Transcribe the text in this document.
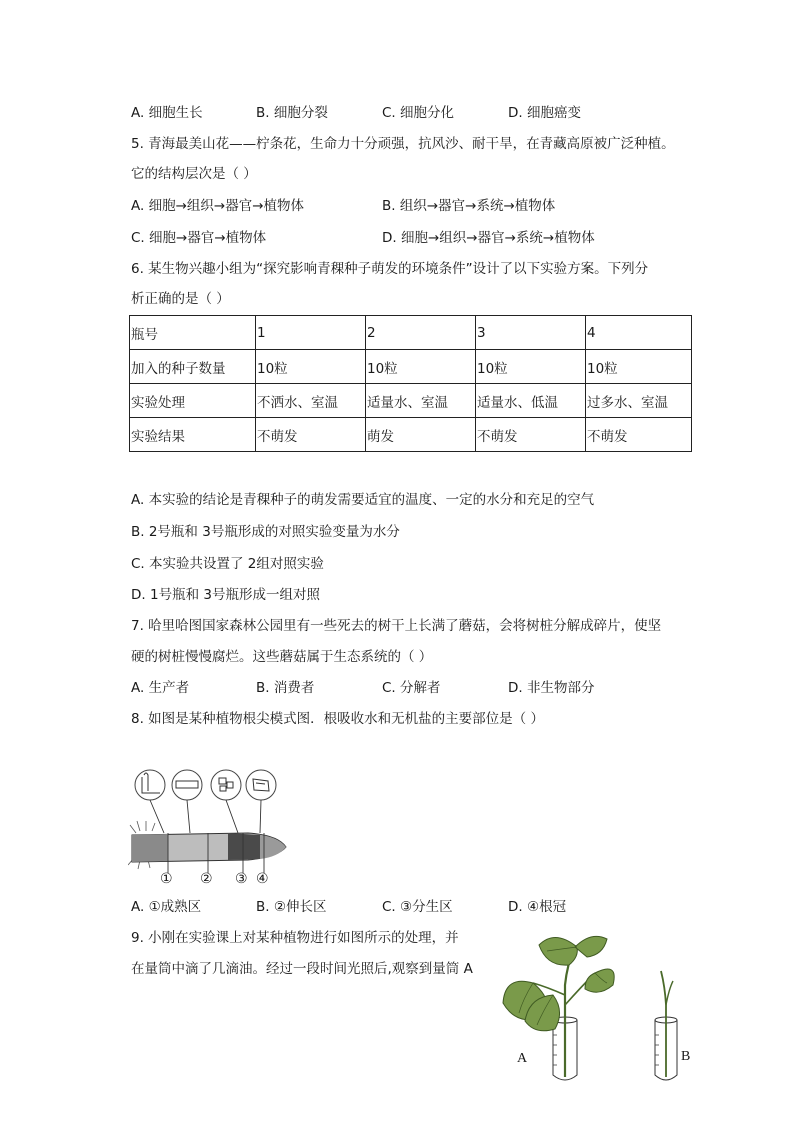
A. 细胞生长	B. 细胞分裂	C. 细胞分化	D. 细胞癌变
5. 青海最美山花——柠条花，生命力十分顽强，抗风沙、耐干旱，在青藏高原被广泛种植。
它的结构层次是（ ）
A. 细胞→组织→器官→植物体	B. 组织→器官→系统→植物体
C. 细胞→器官→植物体	D. 细胞→组织→器官→系统→植物体
6. 某生物兴趣小组为“探究影响青稞种子萌发的环境条件”设计了以下实验方案。下列分
析正确的是（ ）
瓶号	1	2	3	4
加入的种子数量	10粒	10粒	10粒	10粒
实验处理	不洒水、室温	适量水、室温	适量水、低温	过多水、室温
实验结果	不萌发	萌发	不萌发	不萌发
A. 本实验的结论是青稞种子的萌发需要适宜的温度、一定的水分和充足的空气
B. 2号瓶和 3号瓶形成的对照实验变量为水分
C. 本实验共设置了 2组对照实验
D. 1号瓶和 3号瓶形成一组对照
7. 哈里哈图国家森林公园里有一些死去的树干上长满了蘑菇，会将树桩分解成碎片，使坚
硬的树桩慢慢腐烂。这些蘑菇属于生态系统的（ ）
A. 生产者	B. 消费者	C. 分解者	D. 非生物部分
8. 如图是某种植物根尖模式图．根吸收水和无机盐的主要部位是（ ）
① ② ③ ④
A. ①成熟区	B. ②伸长区	C. ③分生区	D. ④根冠
9. 小刚在实验课上对某种植物进行如图所示的处理，并
在量筒中滴了几滴油。经过一段时间光照后,观察到量筒 A
A	B
